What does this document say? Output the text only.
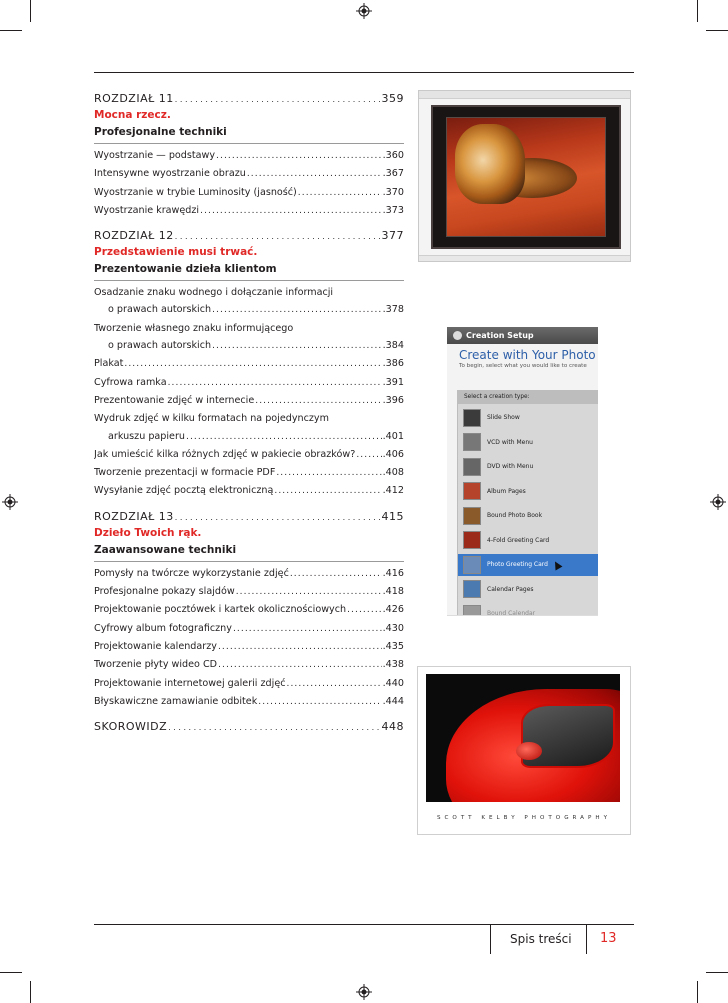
ROZDZIAŁ 11 . . .	359
Mocna rzecz.
Profesjonalne techniki
Wyostrzanie — podstawy .....	.360
Intensywne wyostrzanie obrazu .....	.367
Wyostrzanie w trybie Luminosity (jasność) .....	.370
Wyostrzanie krawędzi .....	.373
ROZDZIAŁ 12 . . .	377
Przedstawienie musi trwać.
Prezentowanie dzieła klientom
Osadzanie znaku wodnego i dołączanie informacji
o prawach autorskich .....	.378
Tworzenie własnego znaku informującego
o prawach autorskich .....	.384
Plakat .....	.386
Cyfrowa ramka .....	.391
Prezentowanie zdjęć w internecie .....	.396
Wydruk zdjęć w kilku formatach na pojedynczym
arkuszu papieru .....	.401
Jak umieścić kilka różnych zdjęć w pakiecie obrazków? .....	.406
Tworzenie prezentacji w formacie PDF .....	.408
Wysyłanie zdjęć pocztą elektroniczną .....	.412
ROZDZIAŁ 13 . . .	415
Dzieło Twoich rąk.
Zaawansowane techniki
Pomysły na twórcze wykorzystanie zdjęć .....	.416
Profesjonalne pokazy slajdów .....	.418
Projektowanie pocztówek i kartek okolicznościowych .....	.426
Cyfrowy album fotograficzny .....	.430
Projektowanie kalendarzy .....	.435
Tworzenie płyty wideo CD .....	.438
Projektowanie internetowej galerii zdjęć .....	.440
Błyskawiczne zamawianie odbitek .....	.444
SKOROWIDZ . . .	448
Creation Setup
Create with Your Photo
To begin, select what you would like to create
Select a creation type:
Slide Show
VCD with Menu
DVD with Menu
Album Pages
Bound Photo Book
4-Fold Greeting Card
Photo Greeting Card
Calendar Pages
Bound Calendar
SCOTT KELBY PHOTOGRAPHY
Spis treści 13
